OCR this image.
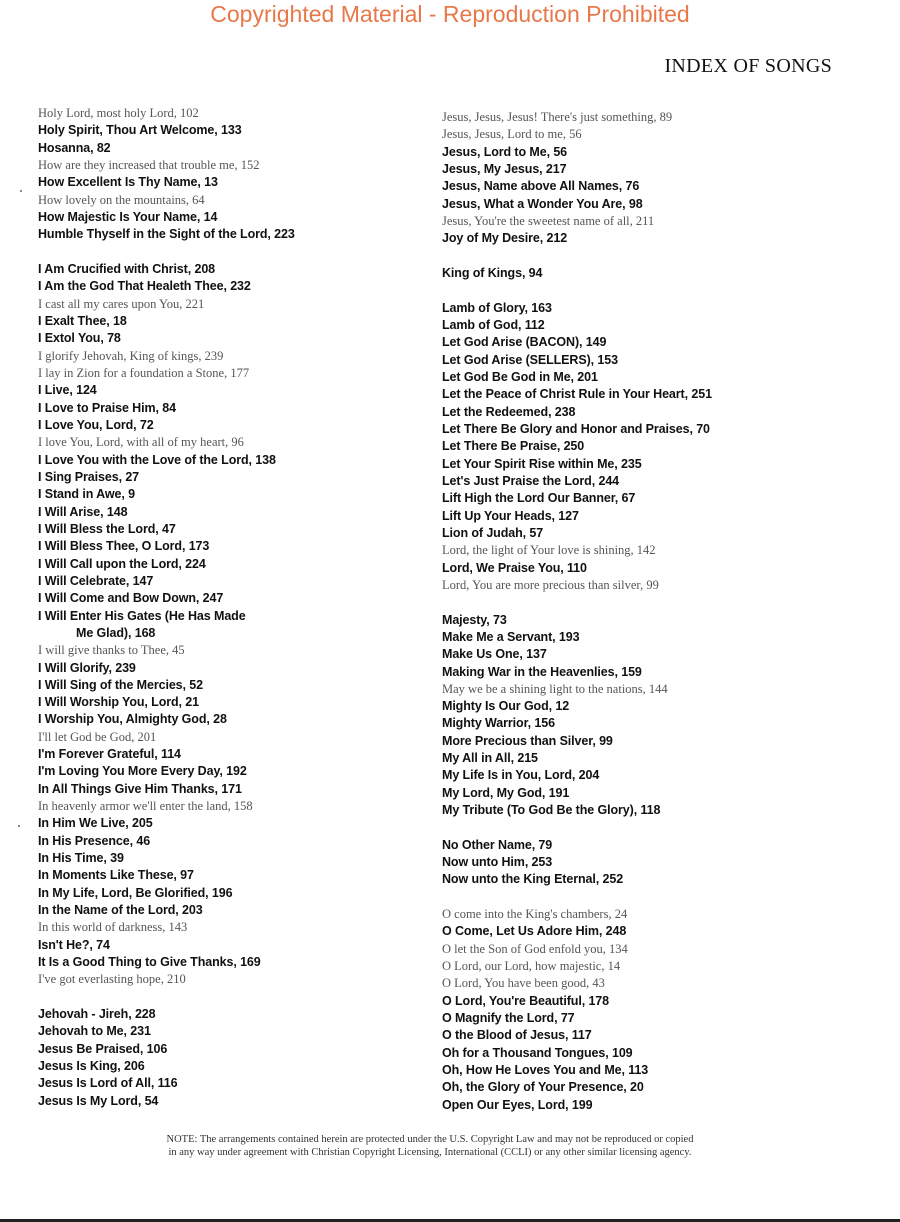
Copyrighted Material - Reproduction Prohibited
INDEX OF SONGS
Holy Lord, most holy Lord, 102
Holy Spirit, Thou Art Welcome, 133
Hosanna, 82
How are they increased that trouble me, 152
How Excellent Is Thy Name, 13
How lovely on the mountains, 64
How Majestic Is Your Name, 14
Humble Thyself in the Sight of the Lord, 223
I Am Crucified with Christ, 208
I Am the God That Healeth Thee, 232
I cast all my cares upon You, 221
I Exalt Thee, 18
I Extol You, 78
I glorify Jehovah, King of kings, 239
I lay in Zion for a foundation a Stone, 177
I Live, 124
I Love to Praise Him, 84
I Love You, Lord, 72
I love You, Lord, with all of my heart, 96
I Love You with the Love of the Lord, 138
I Sing Praises, 27
I Stand in Awe, 9
I Will Arise, 148
I Will Bless the Lord, 47
I Will Bless Thee, O Lord, 173
I Will Call upon the Lord, 224
I Will Celebrate, 147
I Will Come and Bow Down, 247
I Will Enter His Gates (He Has Made
Me Glad), 168
I will give thanks to Thee, 45
I Will Glorify, 239
I Will Sing of the Mercies, 52
I Will Worship You, Lord, 21
I Worship You, Almighty God, 28
I'll let God be God, 201
I'm Forever Grateful, 114
I'm Loving You More Every Day, 192
In All Things Give Him Thanks, 171
In heavenly armor we'll enter the land, 158
In Him We Live, 205
In His Presence, 46
In His Time, 39
In Moments Like These, 97
In My Life, Lord, Be Glorified, 196
In the Name of the Lord, 203
In this world of darkness, 143
Isn't He?, 74
It Is a Good Thing to Give Thanks, 169
I've got everlasting hope, 210
Jehovah - Jireh, 228
Jehovah to Me, 231
Jesus Be Praised, 106
Jesus Is King, 206
Jesus Is Lord of All, 116
Jesus Is My Lord, 54
Jesus, Jesus, Jesus! There's just something, 89
Jesus, Jesus, Lord to me, 56
Jesus, Lord to Me, 56
Jesus, My Jesus, 217
Jesus, Name above All Names, 76
Jesus, What a Wonder You Are, 98
Jesus, You're the sweetest name of all, 211
Joy of My Desire, 212
King of Kings, 94
Lamb of Glory, 163
Lamb of God, 112
Let God Arise (BACON), 149
Let God Arise (SELLERS), 153
Let God Be God in Me, 201
Let the Peace of Christ Rule in Your Heart, 251
Let the Redeemed, 238
Let There Be Glory and Honor and Praises, 70
Let There Be Praise, 250
Let Your Spirit Rise within Me, 235
Let's Just Praise the Lord, 244
Lift High the Lord Our Banner, 67
Lift Up Your Heads, 127
Lion of Judah, 57
Lord, the light of Your love is shining, 142
Lord, We Praise You, 110
Lord, You are more precious than silver, 99
Majesty, 73
Make Me a Servant, 193
Make Us One, 137
Making War in the Heavenlies, 159
May we be a shining light to the nations, 144
Mighty Is Our God, 12
Mighty Warrior, 156
More Precious than Silver, 99
My All in All, 215
My Life Is in You, Lord, 204
My Lord, My God, 191
My Tribute (To God Be the Glory), 118
No Other Name, 79
Now unto Him, 253
Now unto the King Eternal, 252
O come into the King's chambers, 24
O Come, Let Us Adore Him, 248
O let the Son of God enfold you, 134
O Lord, our Lord, how majestic, 14
O Lord, You have been good, 43
O Lord, You're Beautiful, 178
O Magnify the Lord, 77
O the Blood of Jesus, 117
Oh for a Thousand Tongues, 109
Oh, How He Loves You and Me, 113
Oh, the Glory of Your Presence, 20
Open Our Eyes, Lord, 199
NOTE: The arrangements contained herein are protected under the U.S. Copyright Law and may not be reproduced or copied
in any way under agreement with Christian Copyright Licensing, International (CCLI) or any other similar licensing agency.
